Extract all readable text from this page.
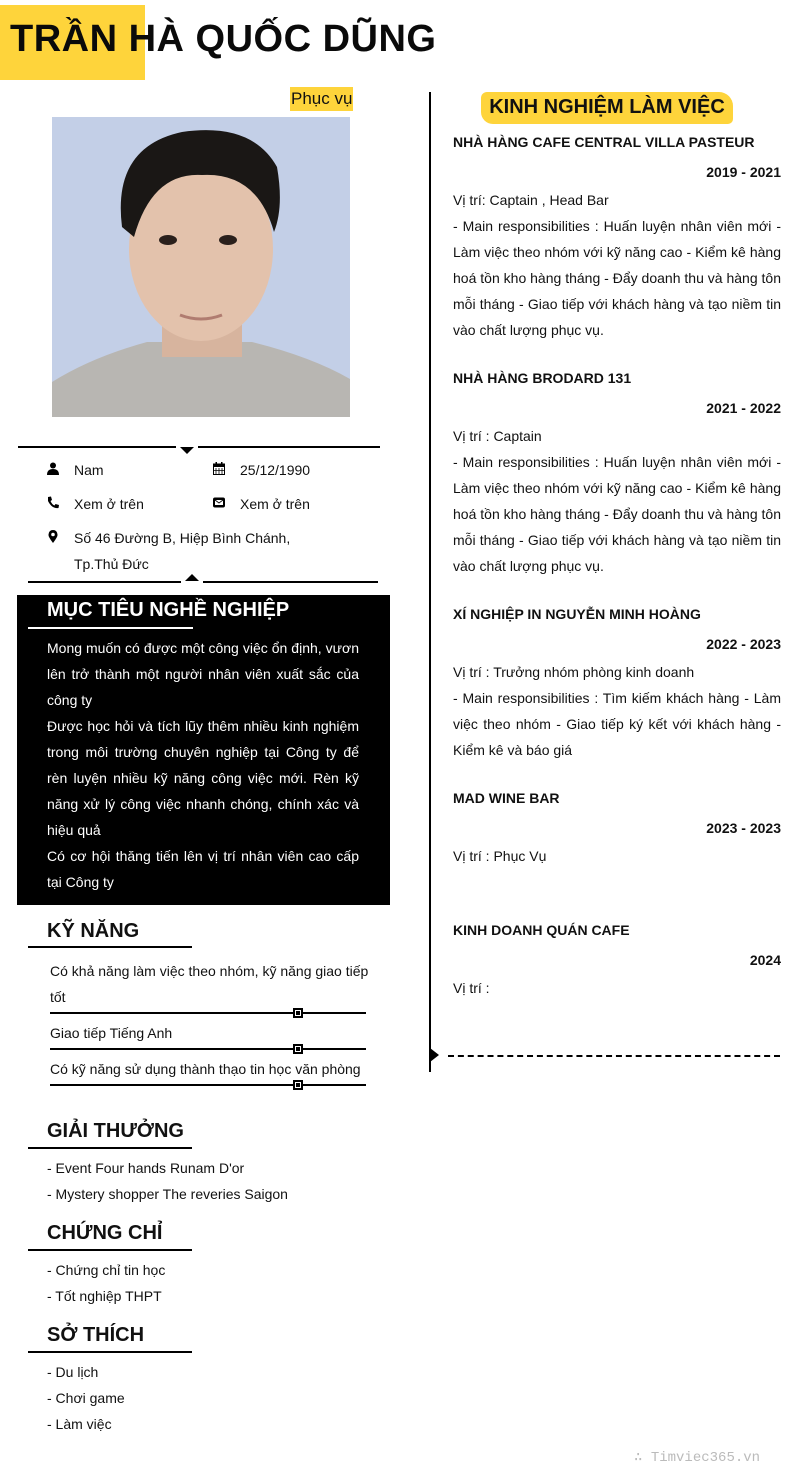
TRẦN HÀ QUỐC DŨNG
Phục vụ
Nam	25/12/1990
Xem ở trên	Xem ở trên
Số 46 Đường B, Hiệp Bình Chánh, Tp.Thủ Đức
MỤC TIÊU NGHỀ NGHIỆP

Mong muốn có được một công việc ổn định, vươn lên trở thành một người nhân viên xuất sắc của công ty
Được học hỏi và tích lũy thêm nhiều kinh nghiệm trong môi trường chuyên nghiệp tại Công ty để rèn luyện nhiều kỹ năng công việc mới. Rèn kỹ năng xử lý công việc nhanh chóng, chính xác và hiệu quả
Có cơ hội thăng tiến lên vị trí nhân viên cao cấp tại Công ty

KỸ NĂNG
Có khả năng làm việc theo nhóm, kỹ năng giao tiếp tốt
Giao tiếp Tiếng Anh
Có kỹ năng sử dụng thành thạo tin học văn phòng
GIẢI THƯỞNG
- Event Four hands Runam D'or
- Mystery shopper The reveries Saigon
CHỨNG CHỈ
- Chứng chỉ tin học
- Tốt nghiệp THPT
SỞ THÍCH
- Du lịch
- Chơi game
- Làm việc
KINH NGHIỆM LÀM VIỆC
NHÀ HÀNG CAFE CENTRAL VILLA PASTEUR
2019 - 2021
Vị trí: Captain , Head Bar
- Main responsibilities : Huấn luyện nhân viên mới - Làm việc theo nhóm với kỹ năng cao - Kiểm kê hàng hoá tồn kho hàng tháng - Đẩy doanh thu và hàng tôn mỗi tháng - Giao tiếp với khách hàng và tạo niềm tin vào chất lượng phục vụ.
NHÀ HÀNG BRODARD 131
2021 - 2022
Vị trí : Captain
- Main responsibilities : Huấn luyện nhân viên mới - Làm việc theo nhóm với kỹ năng cao - Kiểm kê hàng hoá tồn kho hàng tháng - Đẩy doanh thu và hàng tôn mỗi tháng - Giao tiếp với khách hàng và tạo niềm tin vào chất lượng phục vụ.
XÍ NGHIỆP IN NGUYỄN MINH HOÀNG
2022 - 2023
Vị trí : Trưởng nhóm phòng kinh doanh
- Main responsibilities : Tìm kiếm khách hàng - Làm việc theo nhóm - Giao tiếp ký kết với khách hàng - Kiểm kê và báo giá
MAD WINE BAR
2023 - 2023
Vị trí : Phục Vụ
KINH DOANH QUÁN CAFE
2024
Vị trí :
∴ Timviec365.vn
